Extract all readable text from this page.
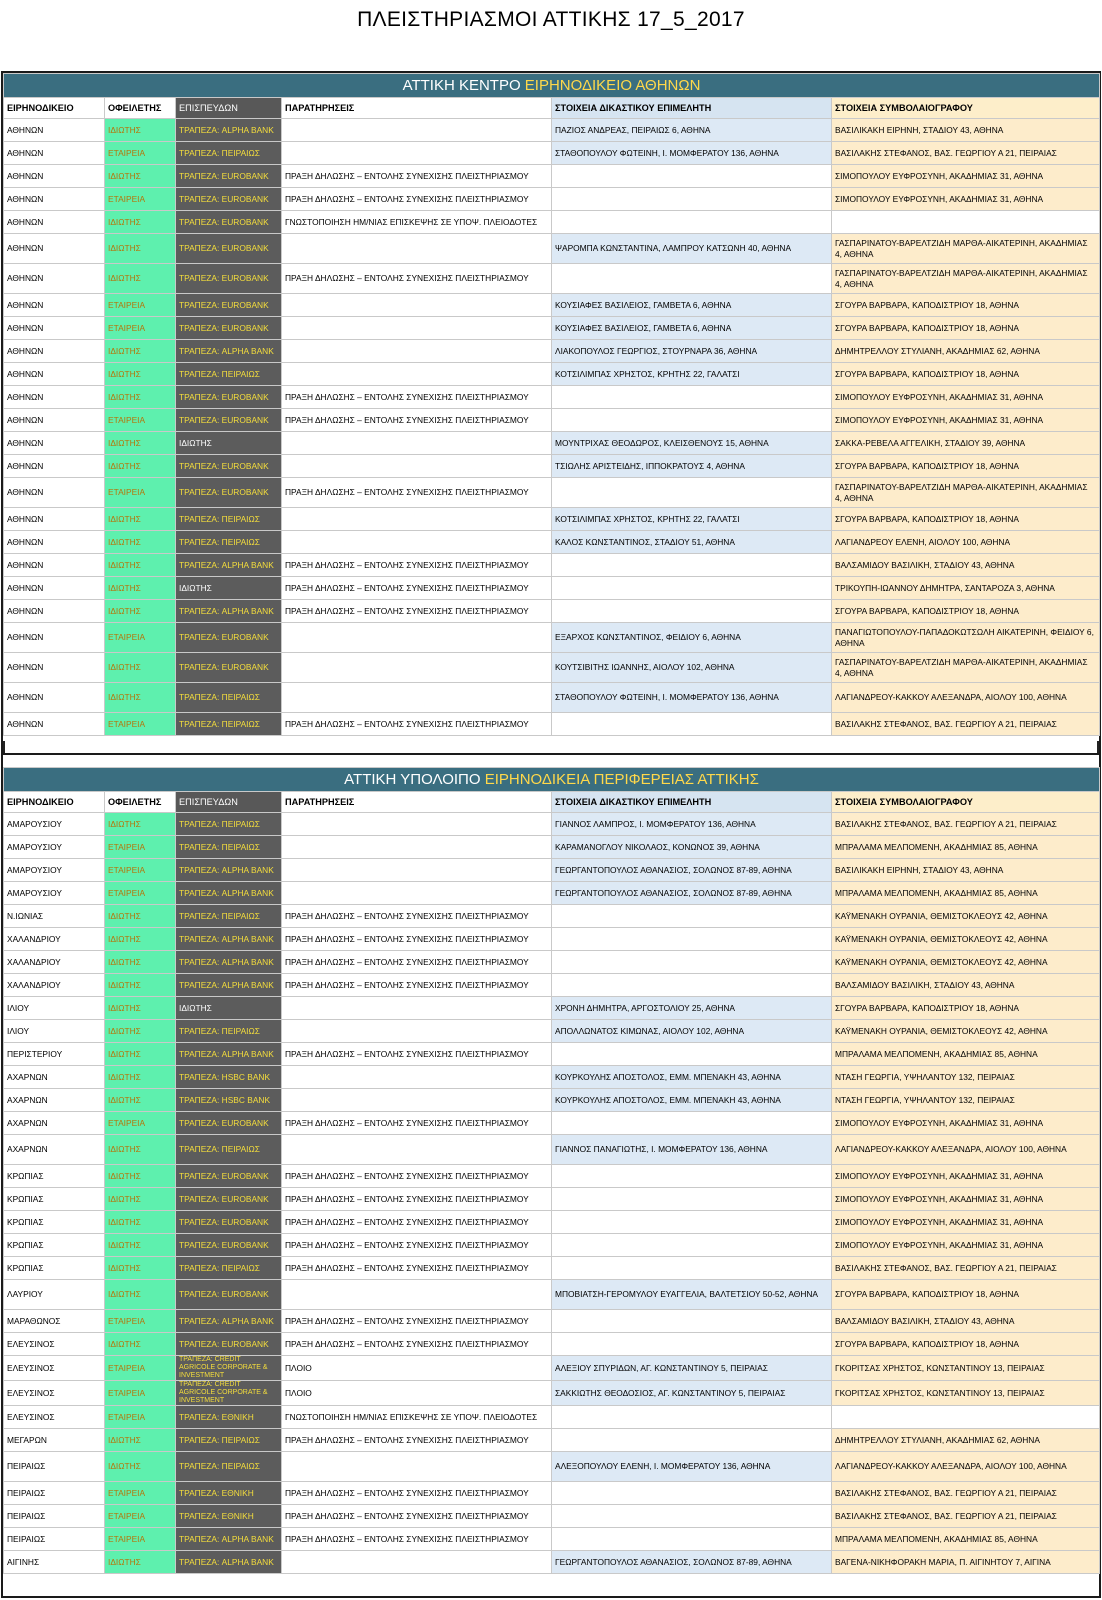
ΠΛΕΙΣΤΗΡΙΑΣΜΟΙ ΑΤΤΙΚΗΣ 17_5_2017
ΑΤΤΙΚΗ ΚΕΝΤΡΟ ΕΙΡΗΝΟΔΙΚΕΙΟ ΑΘΗΝΩΝ					
ΕΙΡΗΝΟΔΙΚΕΙΟ	ΟΦΕΙΛΕΤΗΣ	ΕΠΙΣΠΕΥΔΩΝ	ΠΑΡΑΤΗΡΗΣΕΙΣ	ΣΤΟΙΧΕΙΑ ΔΙΚΑΣΤΙΚΟΥ ΕΠΙΜΕΛΗΤΗ	ΣΤΟΙΧΕΙΑ ΣΥΜΒΟΛΑΙΟΓΡΑΦΟΥ
ΑΘΗΝΩΝ	ΙΔΙΩΤΗΣ	ΤΡΑΠΕΖΑ: ALPHA BANK		ΠΑΖΙΟΣ ΑΝΔΡΕΑΣ, ΠΕΙΡΑΙΩΣ 6, ΑΘΗΝΑ	ΒΑΣΙΛΙΚΑΚΗ ΕΙΡΗΝΗ, ΣΤΑΔΙΟΥ 43, ΑΘΗΝΑ
ΑΘΗΝΩΝ	ΕΤΑΙΡΕΙΑ	ΤΡΑΠΕΖΑ: ΠΕΙΡΑΙΩΣ		ΣΤΑΘΟΠΟΥΛΟΥ ΦΩΤΕΙΝΗ, Ι. ΜΟΜΦΕΡΑΤΟΥ 136, ΑΘΗΝΑ	ΒΑΣΙΛΑΚΗΣ ΣΤΕΦΑΝΟΣ, ΒΑΣ. ΓΕΩΡΓΙΟΥ Α 21, ΠΕΙΡΑΙΑΣ
ΑΘΗΝΩΝ	ΙΔΙΩΤΗΣ	ΤΡΑΠΕΖΑ: EUROBANK	ΠΡΑΞΗ ΔΗΛΩΣΗΣ – ΕΝΤΟΛΗΣ ΣΥΝΕΧΙΣΗΣ ΠΛΕΙΣΤΗΡΙΑΣΜΟΥ		ΣΙΜΟΠΟΥΛΟΥ ΕΥΦΡΟΣΥΝΗ, ΑΚΑΔΗΜΙΑΣ 31, ΑΘΗΝΑ
ΑΘΗΝΩΝ	ΕΤΑΙΡΕΙΑ	ΤΡΑΠΕΖΑ: EUROBANK	ΠΡΑΞΗ ΔΗΛΩΣΗΣ – ΕΝΤΟΛΗΣ ΣΥΝΕΧΙΣΗΣ ΠΛΕΙΣΤΗΡΙΑΣΜΟΥ		ΣΙΜΟΠΟΥΛΟΥ ΕΥΦΡΟΣΥΝΗ, ΑΚΑΔΗΜΙΑΣ 31, ΑΘΗΝΑ
ΑΘΗΝΩΝ	ΙΔΙΩΤΗΣ	ΤΡΑΠΕΖΑ: EUROBANK	ΓΝΩΣΤΟΠΟΙΗΣΗ ΗΜ/ΝΙΑΣ ΕΠΙΣΚΕΨΗΣ ΣΕ ΥΠΟΨ. ΠΛΕΙΟΔΟΤΕΣ		
ΑΘΗΝΩΝ	ΙΔΙΩΤΗΣ	ΤΡΑΠΕΖΑ: EUROBANK		ΨΑΡΟΜΠΑ ΚΩΝΣΤΑΝΤΙΝΑ, ΛΑΜΠΡΟΥ ΚΑΤΣΩΝΗ 40, ΑΘΗΝΑ	ΓΑΣΠΑΡΙΝΑΤΟΥ-ΒΑΡΕΛΤΖΙΔΗ ΜΑΡΘΑ-ΑΙΚΑΤΕΡΙΝΗ, ΑΚΑΔΗΜΙΑΣ 4, ΑΘΗΝΑ
ΑΘΗΝΩΝ	ΙΔΙΩΤΗΣ	ΤΡΑΠΕΖΑ: EUROBANK	ΠΡΑΞΗ ΔΗΛΩΣΗΣ – ΕΝΤΟΛΗΣ ΣΥΝΕΧΙΣΗΣ ΠΛΕΙΣΤΗΡΙΑΣΜΟΥ		ΓΑΣΠΑΡΙΝΑΤΟΥ-ΒΑΡΕΛΤΖΙΔΗ ΜΑΡΘΑ-ΑΙΚΑΤΕΡΙΝΗ, ΑΚΑΔΗΜΙΑΣ 4, ΑΘΗΝΑ
ΑΘΗΝΩΝ	ΕΤΑΙΡΕΙΑ	ΤΡΑΠΕΖΑ: EUROBANK		ΚΟΥΣΙΑΦΕΣ ΒΑΣΙΛΕΙΟΣ, ΓΑΜΒΕΤΑ 6, ΑΘΗΝΑ	ΣΓΟΥΡΑ ΒΑΡΒΑΡΑ, ΚΑΠΟΔΙΣΤΡΙΟΥ 18, ΑΘΗΝΑ
ΑΘΗΝΩΝ	ΕΤΑΙΡΕΙΑ	ΤΡΑΠΕΖΑ: EUROBANK		ΚΟΥΣΙΑΦΕΣ ΒΑΣΙΛΕΙΟΣ, ΓΑΜΒΕΤΑ 6, ΑΘΗΝΑ	ΣΓΟΥΡΑ ΒΑΡΒΑΡΑ, ΚΑΠΟΔΙΣΤΡΙΟΥ 18, ΑΘΗΝΑ
ΑΘΗΝΩΝ	ΙΔΙΩΤΗΣ	ΤΡΑΠΕΖΑ: ALPHA BANK		ΛΙΑΚΟΠΟΥΛΟΣ ΓΕΩΡΓΙΟΣ, ΣΤΟΥΡΝΑΡΑ 36, ΑΘΗΝΑ	ΔΗΜΗΤΡΕΛΛΟΥ ΣΤΥΛΙΑΝΗ, ΑΚΑΔΗΜΙΑΣ 62, ΑΘΗΝΑ
ΑΘΗΝΩΝ	ΙΔΙΩΤΗΣ	ΤΡΑΠΕΖΑ: ΠΕΙΡΑΙΩΣ		ΚΟΤΣΙΛΙΜΠΑΣ ΧΡΗΣΤΟΣ, ΚΡΗΤΗΣ 22, ΓΑΛΑΤΣΙ	ΣΓΟΥΡΑ ΒΑΡΒΑΡΑ, ΚΑΠΟΔΙΣΤΡΙΟΥ 18, ΑΘΗΝΑ
ΑΘΗΝΩΝ	ΙΔΙΩΤΗΣ	ΤΡΑΠΕΖΑ: EUROBANK	ΠΡΑΞΗ ΔΗΛΩΣΗΣ – ΕΝΤΟΛΗΣ ΣΥΝΕΧΙΣΗΣ ΠΛΕΙΣΤΗΡΙΑΣΜΟΥ		ΣΙΜΟΠΟΥΛΟΥ ΕΥΦΡΟΣΥΝΗ, ΑΚΑΔΗΜΙΑΣ 31, ΑΘΗΝΑ
ΑΘΗΝΩΝ	ΕΤΑΙΡΕΙΑ	ΤΡΑΠΕΖΑ: EUROBANK	ΠΡΑΞΗ ΔΗΛΩΣΗΣ – ΕΝΤΟΛΗΣ ΣΥΝΕΧΙΣΗΣ ΠΛΕΙΣΤΗΡΙΑΣΜΟΥ		ΣΙΜΟΠΟΥΛΟΥ ΕΥΦΡΟΣΥΝΗ, ΑΚΑΔΗΜΙΑΣ 31, ΑΘΗΝΑ
ΑΘΗΝΩΝ	ΙΔΙΩΤΗΣ	ΙΔΙΩΤΗΣ		ΜΟΥΝΤΡΙΧΑΣ ΘΕΟΔΩΡΟΣ, ΚΛΕΙΣΘΕΝΟΥΣ 15, ΑΘΗΝΑ	ΣΑΚΚΑ-ΡΕΒΕΛΑ ΑΓΓΕΛΙΚΗ, ΣΤΑΔΙΟΥ 39, ΑΘΗΝΑ
ΑΘΗΝΩΝ	ΙΔΙΩΤΗΣ	ΤΡΑΠΕΖΑ: EUROBANK		ΤΣΙΩΛΗΣ ΑΡΙΣΤΕΙΔΗΣ, ΙΠΠΟΚΡΑΤΟΥΣ 4, ΑΘΗΝΑ	ΣΓΟΥΡΑ ΒΑΡΒΑΡΑ, ΚΑΠΟΔΙΣΤΡΙΟΥ 18, ΑΘΗΝΑ
ΑΘΗΝΩΝ	ΕΤΑΙΡΕΙΑ	ΤΡΑΠΕΖΑ: EUROBANK	ΠΡΑΞΗ ΔΗΛΩΣΗΣ – ΕΝΤΟΛΗΣ ΣΥΝΕΧΙΣΗΣ ΠΛΕΙΣΤΗΡΙΑΣΜΟΥ		ΓΑΣΠΑΡΙΝΑΤΟΥ-ΒΑΡΕΛΤΖΙΔΗ ΜΑΡΘΑ-ΑΙΚΑΤΕΡΙΝΗ, ΑΚΑΔΗΜΙΑΣ 4, ΑΘΗΝΑ
ΑΘΗΝΩΝ	ΙΔΙΩΤΗΣ	ΤΡΑΠΕΖΑ: ΠΕΙΡΑΙΩΣ		ΚΟΤΣΙΛΙΜΠΑΣ ΧΡΗΣΤΟΣ, ΚΡΗΤΗΣ 22, ΓΑΛΑΤΣΙ	ΣΓΟΥΡΑ ΒΑΡΒΑΡΑ, ΚΑΠΟΔΙΣΤΡΙΟΥ 18, ΑΘΗΝΑ
ΑΘΗΝΩΝ	ΙΔΙΩΤΗΣ	ΤΡΑΠΕΖΑ: ΠΕΙΡΑΙΩΣ		ΚΑΛΟΣ ΚΩΝΣΤΑΝΤΙΝΟΣ, ΣΤΑΔΙΟΥ 51, ΑΘΗΝΑ	ΛΑΓΙΑΝΔΡΕΟΥ ΕΛΕΝΗ, ΑΙΟΛΟΥ 100, ΑΘΗΝΑ
ΑΘΗΝΩΝ	ΙΔΙΩΤΗΣ	ΤΡΑΠΕΖΑ: ALPHA BANK	ΠΡΑΞΗ ΔΗΛΩΣΗΣ – ΕΝΤΟΛΗΣ ΣΥΝΕΧΙΣΗΣ ΠΛΕΙΣΤΗΡΙΑΣΜΟΥ		ΒΑΛΣΑΜΙΔΟΥ ΒΑΣΙΛΙΚΗ, ΣΤΑΔΙΟΥ 43, ΑΘΗΝΑ
ΑΘΗΝΩΝ	ΙΔΙΩΤΗΣ	ΙΔΙΩΤΗΣ	ΠΡΑΞΗ ΔΗΛΩΣΗΣ – ΕΝΤΟΛΗΣ ΣΥΝΕΧΙΣΗΣ ΠΛΕΙΣΤΗΡΙΑΣΜΟΥ		ΤΡΙΚΟΥΠΗ-ΙΩΑΝΝΟΥ ΔΗΜΗΤΡΑ, ΣΑΝΤΑΡΟΖΑ 3, ΑΘΗΝΑ
ΑΘΗΝΩΝ	ΙΔΙΩΤΗΣ	ΤΡΑΠΕΖΑ: ALPHA BANK	ΠΡΑΞΗ ΔΗΛΩΣΗΣ – ΕΝΤΟΛΗΣ ΣΥΝΕΧΙΣΗΣ ΠΛΕΙΣΤΗΡΙΑΣΜΟΥ		ΣΓΟΥΡΑ ΒΑΡΒΑΡΑ, ΚΑΠΟΔΙΣΤΡΙΟΥ 18, ΑΘΗΝΑ
ΑΘΗΝΩΝ	ΕΤΑΙΡΕΙΑ	ΤΡΑΠΕΖΑ: EUROBANK		ΕΞΑΡΧΟΣ ΚΩΝΣΤΑΝΤΙΝΟΣ, ΦΕΙΔΙΟΥ 6, ΑΘΗΝΑ	ΠΑΝΑΓΙΩΤΟΠΟΥΛΟΥ-ΠΑΠΑΔΟΚΩΤΣΩΛΗ ΑΙΚΑΤΕΡΙΝΗ, ΦΕΙΔΙΟΥ 6, ΑΘΗΝΑ
ΑΘΗΝΩΝ	ΙΔΙΩΤΗΣ	ΤΡΑΠΕΖΑ: EUROBANK		ΚΟΥΤΣΙΒΙΤΗΣ ΙΩΑΝΝΗΣ, ΑΙΟΛΟΥ 102, ΑΘΗΝΑ	ΓΑΣΠΑΡΙΝΑΤΟΥ-ΒΑΡΕΛΤΖΙΔΗ ΜΑΡΘΑ-ΑΙΚΑΤΕΡΙΝΗ, ΑΚΑΔΗΜΙΑΣ 4, ΑΘΗΝΑ
ΑΘΗΝΩΝ	ΙΔΙΩΤΗΣ	ΤΡΑΠΕΖΑ: ΠΕΙΡΑΙΩΣ		ΣΤΑΘΟΠΟΥΛΟΥ ΦΩΤΕΙΝΗ, Ι. ΜΟΜΦΕΡΑΤΟΥ 136, ΑΘΗΝΑ	ΛΑΓΙΑΝΔΡΕΟΥ-ΚΑΚΚΟΥ ΑΛΕΞΑΝΔΡΑ, ΑΙΟΛΟΥ 100, ΑΘΗΝΑ
ΑΘΗΝΩΝ	ΕΤΑΙΡΕΙΑ	ΤΡΑΠΕΖΑ: ΠΕΙΡΑΙΩΣ	ΠΡΑΞΗ ΔΗΛΩΣΗΣ – ΕΝΤΟΛΗΣ ΣΥΝΕΧΙΣΗΣ ΠΛΕΙΣΤΗΡΙΑΣΜΟΥ		ΒΑΣΙΛΑΚΗΣ ΣΤΕΦΑΝΟΣ, ΒΑΣ. ΓΕΩΡΓΙΟΥ Α 21, ΠΕΙΡΑΙΑΣ
ΑΤΤΙΚΗ ΥΠΟΛΟΙΠΟ ΕΙΡΗΝΟΔΙΚΕΙΑ ΠΕΡΙΦΕΡΕΙΑΣ ΑΤΤΙΚΗΣ					
ΕΙΡΗΝΟΔΙΚΕΙΟ	ΟΦΕΙΛΕΤΗΣ	ΕΠΙΣΠΕΥΔΩΝ	ΠΑΡΑΤΗΡΗΣΕΙΣ	ΣΤΟΙΧΕΙΑ ΔΙΚΑΣΤΙΚΟΥ ΕΠΙΜΕΛΗΤΗ	ΣΤΟΙΧΕΙΑ ΣΥΜΒΟΛΑΙΟΓΡΑΦΟΥ
ΑΜΑΡΟΥΣΙΟΥ	ΙΔΙΩΤΗΣ	ΤΡΑΠΕΖΑ: ΠΕΙΡΑΙΩΣ		ΓΙΑΝΝΟΣ ΛΑΜΠΡΟΣ, Ι. ΜΟΜΦΕΡΑΤΟΥ 136, ΑΘΗΝΑ	ΒΑΣΙΛΑΚΗΣ ΣΤΕΦΑΝΟΣ, ΒΑΣ. ΓΕΩΡΓΙΟΥ Α 21, ΠΕΙΡΑΙΑΣ
ΑΜΑΡΟΥΣΙΟΥ	ΕΤΑΙΡΕΙΑ	ΤΡΑΠΕΖΑ: ΠΕΙΡΑΙΩΣ		ΚΑΡΑΜΑΝΟΓΛΟΥ ΝΙΚΟΛΑΟΣ, ΚΟΝΩΝΟΣ 39, ΑΘΗΝΑ	ΜΠΡΑΛΑΜΑ ΜΕΛΠΟΜΕΝΗ, ΑΚΑΔΗΜΙΑΣ 85, ΑΘΗΝΑ
ΑΜΑΡΟΥΣΙΟΥ	ΕΤΑΙΡΕΙΑ	ΤΡΑΠΕΖΑ: ALPHA BANK		ΓΕΩΡΓΑΝΤΟΠΟΥΛΟΣ ΑΘΑΝΑΣΙΟΣ, ΣΟΛΩΝΟΣ 87-89, ΑΘΗΝΑ	ΒΑΣΙΛΙΚΑΚΗ ΕΙΡΗΝΗ, ΣΤΑΔΙΟΥ 43, ΑΘΗΝΑ
ΑΜΑΡΟΥΣΙΟΥ	ΕΤΑΙΡΕΙΑ	ΤΡΑΠΕΖΑ: ALPHA BANK		ΓΕΩΡΓΑΝΤΟΠΟΥΛΟΣ ΑΘΑΝΑΣΙΟΣ, ΣΟΛΩΝΟΣ 87-89, ΑΘΗΝΑ	ΜΠΡΑΛΑΜΑ ΜΕΛΠΟΜΕΝΗ, ΑΚΑΔΗΜΙΑΣ 85, ΑΘΗΝΑ
Ν.ΙΩΝΙΑΣ	ΙΔΙΩΤΗΣ	ΤΡΑΠΕΖΑ: ΠΕΙΡΑΙΩΣ	ΠΡΑΞΗ ΔΗΛΩΣΗΣ – ΕΝΤΟΛΗΣ ΣΥΝΕΧΙΣΗΣ ΠΛΕΙΣΤΗΡΙΑΣΜΟΥ		ΚΑΫΜΕΝΑΚΗ ΟΥΡΑΝΙΑ, ΘΕΜΙΣΤΟΚΛΕΟΥΣ 42, ΑΘΗΝΑ
ΧΑΛΑΝΔΡΙΟΥ	ΙΔΙΩΤΗΣ	ΤΡΑΠΕΖΑ: ALPHA BANK	ΠΡΑΞΗ ΔΗΛΩΣΗΣ – ΕΝΤΟΛΗΣ ΣΥΝΕΧΙΣΗΣ ΠΛΕΙΣΤΗΡΙΑΣΜΟΥ		ΚΑΫΜΕΝΑΚΗ ΟΥΡΑΝΙΑ, ΘΕΜΙΣΤΟΚΛΕΟΥΣ 42, ΑΘΗΝΑ
ΧΑΛΑΝΔΡΙΟΥ	ΙΔΙΩΤΗΣ	ΤΡΑΠΕΖΑ: ALPHA BANK	ΠΡΑΞΗ ΔΗΛΩΣΗΣ – ΕΝΤΟΛΗΣ ΣΥΝΕΧΙΣΗΣ ΠΛΕΙΣΤΗΡΙΑΣΜΟΥ		ΚΑΫΜΕΝΑΚΗ ΟΥΡΑΝΙΑ, ΘΕΜΙΣΤΟΚΛΕΟΥΣ 42, ΑΘΗΝΑ
ΧΑΛΑΝΔΡΙΟΥ	ΙΔΙΩΤΗΣ	ΤΡΑΠΕΖΑ: ALPHA BANK	ΠΡΑΞΗ ΔΗΛΩΣΗΣ – ΕΝΤΟΛΗΣ ΣΥΝΕΧΙΣΗΣ ΠΛΕΙΣΤΗΡΙΑΣΜΟΥ		ΒΑΛΣΑΜΙΔΟΥ ΒΑΣΙΛΙΚΗ, ΣΤΑΔΙΟΥ 43, ΑΘΗΝΑ
ΙΛΙΟΥ	ΙΔΙΩΤΗΣ	ΙΔΙΩΤΗΣ		ΧΡΟΝΗ ΔΗΜΗΤΡΑ, ΑΡΓΟΣΤΟΛΙΟΥ 25, ΑΘΗΝΑ	ΣΓΟΥΡΑ ΒΑΡΒΑΡΑ, ΚΑΠΟΔΙΣΤΡΙΟΥ 18, ΑΘΗΝΑ
ΙΛΙΟΥ	ΙΔΙΩΤΗΣ	ΤΡΑΠΕΖΑ: ΠΕΙΡΑΙΩΣ		ΑΠΟΛΛΩΝΑΤΟΣ ΚΙΜΩΝΑΣ, ΑΙΟΛΟΥ 102, ΑΘΗΝΑ	ΚΑΫΜΕΝΑΚΗ ΟΥΡΑΝΙΑ, ΘΕΜΙΣΤΟΚΛΕΟΥΣ 42, ΑΘΗΝΑ
ΠΕΡΙΣΤΕΡΙΟΥ	ΙΔΙΩΤΗΣ	ΤΡΑΠΕΖΑ: ALPHA BANK	ΠΡΑΞΗ ΔΗΛΩΣΗΣ – ΕΝΤΟΛΗΣ ΣΥΝΕΧΙΣΗΣ ΠΛΕΙΣΤΗΡΙΑΣΜΟΥ		ΜΠΡΑΛΑΜΑ ΜΕΛΠΟΜΕΝΗ, ΑΚΑΔΗΜΙΑΣ 85, ΑΘΗΝΑ
ΑΧΑΡΝΩΝ	ΙΔΙΩΤΗΣ	ΤΡΑΠΕΖΑ: HSBC BANK		ΚΟΥΡΚΟΥΛΗΣ ΑΠΟΣΤΟΛΟΣ, ΕΜΜ. ΜΠΕΝΑΚΗ 43, ΑΘΗΝΑ	ΝΤΑΣΗ ΓΕΩΡΓΙΑ, ΥΨΗΛΑΝΤΟΥ 132, ΠΕΙΡΑΙΑΣ
ΑΧΑΡΝΩΝ	ΙΔΙΩΤΗΣ	ΤΡΑΠΕΖΑ: HSBC BANK		ΚΟΥΡΚΟΥΛΗΣ ΑΠΟΣΤΟΛΟΣ, ΕΜΜ. ΜΠΕΝΑΚΗ 43, ΑΘΗΝΑ	ΝΤΑΣΗ ΓΕΩΡΓΙΑ, ΥΨΗΛΑΝΤΟΥ 132, ΠΕΙΡΑΙΑΣ
ΑΧΑΡΝΩΝ	ΕΤΑΙΡΕΙΑ	ΤΡΑΠΕΖΑ: EUROBANK	ΠΡΑΞΗ ΔΗΛΩΣΗΣ – ΕΝΤΟΛΗΣ ΣΥΝΕΧΙΣΗΣ ΠΛΕΙΣΤΗΡΙΑΣΜΟΥ		ΣΙΜΟΠΟΥΛΟΥ ΕΥΦΡΟΣΥΝΗ, ΑΚΑΔΗΜΙΑΣ 31, ΑΘΗΝΑ
ΑΧΑΡΝΩΝ	ΙΔΙΩΤΗΣ	ΤΡΑΠΕΖΑ: ΠΕΙΡΑΙΩΣ		ΓΙΑΝΝΟΣ ΠΑΝΑΓΙΩΤΗΣ, Ι. ΜΟΜΦΕΡΑΤΟΥ 136, ΑΘΗΝΑ	ΛΑΓΙΑΝΔΡΕΟΥ-ΚΑΚΚΟΥ ΑΛΕΞΑΝΔΡΑ, ΑΙΟΛΟΥ 100, ΑΘΗΝΑ
ΚΡΩΠΙΑΣ	ΙΔΙΩΤΗΣ	ΤΡΑΠΕΖΑ: EUROBANK	ΠΡΑΞΗ ΔΗΛΩΣΗΣ – ΕΝΤΟΛΗΣ ΣΥΝΕΧΙΣΗΣ ΠΛΕΙΣΤΗΡΙΑΣΜΟΥ		ΣΙΜΟΠΟΥΛΟΥ ΕΥΦΡΟΣΥΝΗ, ΑΚΑΔΗΜΙΑΣ 31, ΑΘΗΝΑ
ΚΡΩΠΙΑΣ	ΙΔΙΩΤΗΣ	ΤΡΑΠΕΖΑ: EUROBANK	ΠΡΑΞΗ ΔΗΛΩΣΗΣ – ΕΝΤΟΛΗΣ ΣΥΝΕΧΙΣΗΣ ΠΛΕΙΣΤΗΡΙΑΣΜΟΥ		ΣΙΜΟΠΟΥΛΟΥ ΕΥΦΡΟΣΥΝΗ, ΑΚΑΔΗΜΙΑΣ 31, ΑΘΗΝΑ
ΚΡΩΠΙΑΣ	ΙΔΙΩΤΗΣ	ΤΡΑΠΕΖΑ: EUROBANK	ΠΡΑΞΗ ΔΗΛΩΣΗΣ – ΕΝΤΟΛΗΣ ΣΥΝΕΧΙΣΗΣ ΠΛΕΙΣΤΗΡΙΑΣΜΟΥ		ΣΙΜΟΠΟΥΛΟΥ ΕΥΦΡΟΣΥΝΗ, ΑΚΑΔΗΜΙΑΣ 31, ΑΘΗΝΑ
ΚΡΩΠΙΑΣ	ΙΔΙΩΤΗΣ	ΤΡΑΠΕΖΑ: EUROBANK	ΠΡΑΞΗ ΔΗΛΩΣΗΣ – ΕΝΤΟΛΗΣ ΣΥΝΕΧΙΣΗΣ ΠΛΕΙΣΤΗΡΙΑΣΜΟΥ		ΣΙΜΟΠΟΥΛΟΥ ΕΥΦΡΟΣΥΝΗ, ΑΚΑΔΗΜΙΑΣ 31, ΑΘΗΝΑ
ΚΡΩΠΙΑΣ	ΙΔΙΩΤΗΣ	ΤΡΑΠΕΖΑ: ΠΕΙΡΑΙΩΣ	ΠΡΑΞΗ ΔΗΛΩΣΗΣ – ΕΝΤΟΛΗΣ ΣΥΝΕΧΙΣΗΣ ΠΛΕΙΣΤΗΡΙΑΣΜΟΥ		ΒΑΣΙΛΑΚΗΣ ΣΤΕΦΑΝΟΣ, ΒΑΣ. ΓΕΩΡΓΙΟΥ Α 21, ΠΕΙΡΑΙΑΣ
ΛΑΥΡΙΟΥ	ΙΔΙΩΤΗΣ	ΤΡΑΠΕΖΑ: EUROBANK		ΜΠΟΒΙΑΤΣΗ-ΓΕΡΟΜΥΛΟΥ ΕΥΑΓΓΕΛΙΑ, ΒΑΛΤΕΤΣΙΟΥ 50-52, ΑΘΗΝΑ	ΣΓΟΥΡΑ ΒΑΡΒΑΡΑ, ΚΑΠΟΔΙΣΤΡΙΟΥ 18, ΑΘΗΝΑ
ΜΑΡΑΘΩΝΟΣ	ΕΤΑΙΡΕΙΑ	ΤΡΑΠΕΖΑ: ALPHA BANK	ΠΡΑΞΗ ΔΗΛΩΣΗΣ – ΕΝΤΟΛΗΣ ΣΥΝΕΧΙΣΗΣ ΠΛΕΙΣΤΗΡΙΑΣΜΟΥ		ΒΑΛΣΑΜΙΔΟΥ ΒΑΣΙΛΙΚΗ, ΣΤΑΔΙΟΥ 43, ΑΘΗΝΑ
ΕΛΕΥΣΙΝΟΣ	ΙΔΙΩΤΗΣ	ΤΡΑΠΕΖΑ: EUROBANK	ΠΡΑΞΗ ΔΗΛΩΣΗΣ – ΕΝΤΟΛΗΣ ΣΥΝΕΧΙΣΗΣ ΠΛΕΙΣΤΗΡΙΑΣΜΟΥ		ΣΓΟΥΡΑ ΒΑΡΒΑΡΑ, ΚΑΠΟΔΙΣΤΡΙΟΥ 18, ΑΘΗΝΑ
ΕΛΕΥΣΙΝΟΣ	ΕΤΑΙΡΕΙΑ	ΤΡΑΠΕΖΑ: CREDIT AGRICOLE CORPORATE & INVESTMENT	ΠΛΟΙΟ	ΑΛΕΞΙΟΥ ΣΠΥΡΙΔΩΝ, ΑΓ. ΚΩΝΣΤΑΝΤΙΝΟΥ 5, ΠΕΙΡΑΙΑΣ	ΓΚΟΡΙΤΣΑΣ ΧΡΗΣΤΟΣ, ΚΩΝΣΤΑΝΤΙΝΟΥ 13, ΠΕΙΡΑΙΑΣ
ΕΛΕΥΣΙΝΟΣ	ΕΤΑΙΡΕΙΑ	ΤΡΑΠΕΖΑ: CREDIT AGRICOLE CORPORATE & INVESTMENT	ΠΛΟΙΟ	ΣΑΚΚΙΩΤΗΣ ΘΕΟΔΟΣΙΟΣ, ΑΓ. ΚΩΝΣΤΑΝΤΙΝΟΥ 5, ΠΕΙΡΑΙΑΣ	ΓΚΟΡΙΤΣΑΣ ΧΡΗΣΤΟΣ, ΚΩΝΣΤΑΝΤΙΝΟΥ 13, ΠΕΙΡΑΙΑΣ
ΕΛΕΥΣΙΝΟΣ	ΕΤΑΙΡΕΙΑ	ΤΡΑΠΕΖΑ: ΕΘΝΙΚΗ	ΓΝΩΣΤΟΠΟΙΗΣΗ ΗΜ/ΝΙΑΣ ΕΠΙΣΚΕΨΗΣ ΣΕ ΥΠΟΨ. ΠΛΕΙΟΔΟΤΕΣ		
ΜΕΓΑΡΩΝ	ΙΔΙΩΤΗΣ	ΤΡΑΠΕΖΑ: ΠΕΙΡΑΙΩΣ	ΠΡΑΞΗ ΔΗΛΩΣΗΣ – ΕΝΤΟΛΗΣ ΣΥΝΕΧΙΣΗΣ ΠΛΕΙΣΤΗΡΙΑΣΜΟΥ		ΔΗΜΗΤΡΕΛΛΟΥ ΣΤΥΛΙΑΝΗ, ΑΚΑΔΗΜΙΑΣ 62, ΑΘΗΝΑ
ΠΕΙΡΑΙΩΣ	ΙΔΙΩΤΗΣ	ΤΡΑΠΕΖΑ: ΠΕΙΡΑΙΩΣ		ΑΛΕΞΟΠΟΥΛΟΥ ΕΛΕΝΗ, Ι. ΜΟΜΦΕΡΑΤΟΥ 136, ΑΘΗΝΑ	ΛΑΓΙΑΝΔΡΕΟΥ-ΚΑΚΚΟΥ ΑΛΕΞΑΝΔΡΑ, ΑΙΟΛΟΥ 100, ΑΘΗΝΑ
ΠΕΙΡΑΙΩΣ	ΕΤΑΙΡΕΙΑ	ΤΡΑΠΕΖΑ: ΕΘΝΙΚΗ	ΠΡΑΞΗ ΔΗΛΩΣΗΣ – ΕΝΤΟΛΗΣ ΣΥΝΕΧΙΣΗΣ ΠΛΕΙΣΤΗΡΙΑΣΜΟΥ		ΒΑΣΙΛΑΚΗΣ ΣΤΕΦΑΝΟΣ, ΒΑΣ. ΓΕΩΡΓΙΟΥ Α 21, ΠΕΙΡΑΙΑΣ
ΠΕΙΡΑΙΩΣ	ΕΤΑΙΡΕΙΑ	ΤΡΑΠΕΖΑ: ΕΘΝΙΚΗ	ΠΡΑΞΗ ΔΗΛΩΣΗΣ – ΕΝΤΟΛΗΣ ΣΥΝΕΧΙΣΗΣ ΠΛΕΙΣΤΗΡΙΑΣΜΟΥ		ΒΑΣΙΛΑΚΗΣ ΣΤΕΦΑΝΟΣ, ΒΑΣ. ΓΕΩΡΓΙΟΥ Α 21, ΠΕΙΡΑΙΑΣ
ΠΕΙΡΑΙΩΣ	ΕΤΑΙΡΕΙΑ	ΤΡΑΠΕΖΑ: ALPHA BANK	ΠΡΑΞΗ ΔΗΛΩΣΗΣ – ΕΝΤΟΛΗΣ ΣΥΝΕΧΙΣΗΣ ΠΛΕΙΣΤΗΡΙΑΣΜΟΥ		ΜΠΡΑΛΑΜΑ ΜΕΛΠΟΜΕΝΗ, ΑΚΑΔΗΜΙΑΣ 85, ΑΘΗΝΑ
ΑΙΓΙΝΗΣ	ΙΔΙΩΤΗΣ	ΤΡΑΠΕΖΑ: ALPHA BANK		ΓΕΩΡΓΑΝΤΟΠΟΥΛΟΣ ΑΘΑΝΑΣΙΟΣ, ΣΟΛΩΝΟΣ 87-89, ΑΘΗΝΑ	ΒΑΓΕΝΑ-ΝΙΚΗΦΟΡΑΚΗ ΜΑΡΙΑ, Π. ΑΙΓΙΝΗΤΟΥ 7, ΑΙΓΙΝΑ
